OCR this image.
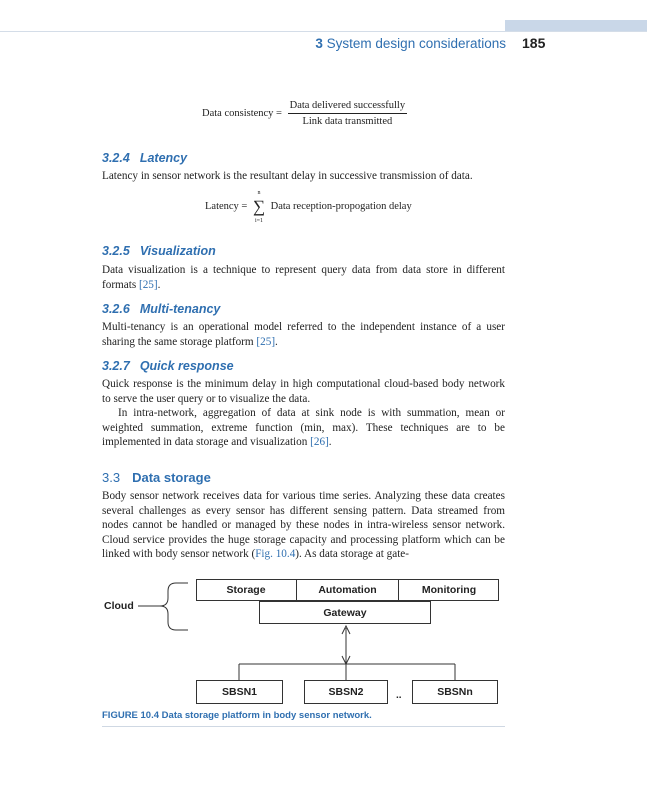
3 System design considerations 185
Data consistency = $\frac{\text{Data delivered successfully}}{\text{Link data transmitted}}$
3.2.4 Latency
Latency in sensor network is the resultant delay in successive transmission of data.
Latency =
n
∑
i=1
Data reception-propogation delay
3.2.5 Visualization
Data visualization is a technique to represent query data from data store in different formats [25].
3.2.6 Multi-tenancy
Multi-tenancy is an operational model referred to the independent instance of a user sharing the same storage platform [25].
3.2.7 Quick response
Quick response is the minimum delay in high computational cloud-based body network to serve the user query or to visualize the data.
In intra-network, aggregation of data at sink node is with summation, mean or weighted summation, extreme function (min, max). These techniques are to be implemented in data storage and visualization [26].
3.3 Data storage
Body sensor network receives data for various time series. Analyzing these data creates several challenges as every sensor has different sensing pattern. Data streamed from nodes cannot be handled or managed by these nodes in intra-wireless sensor network. Cloud service provides the huge storage capacity and processing platform which can be linked with body sensor network (Fig. 10.4). As data storage at gate-
Cloud
Storage	Automation	Monitoring
Gateway
SBSN1	SBSN2	..	SBSNn
FIGURE 10.4 Data storage platform in body sensor network.
